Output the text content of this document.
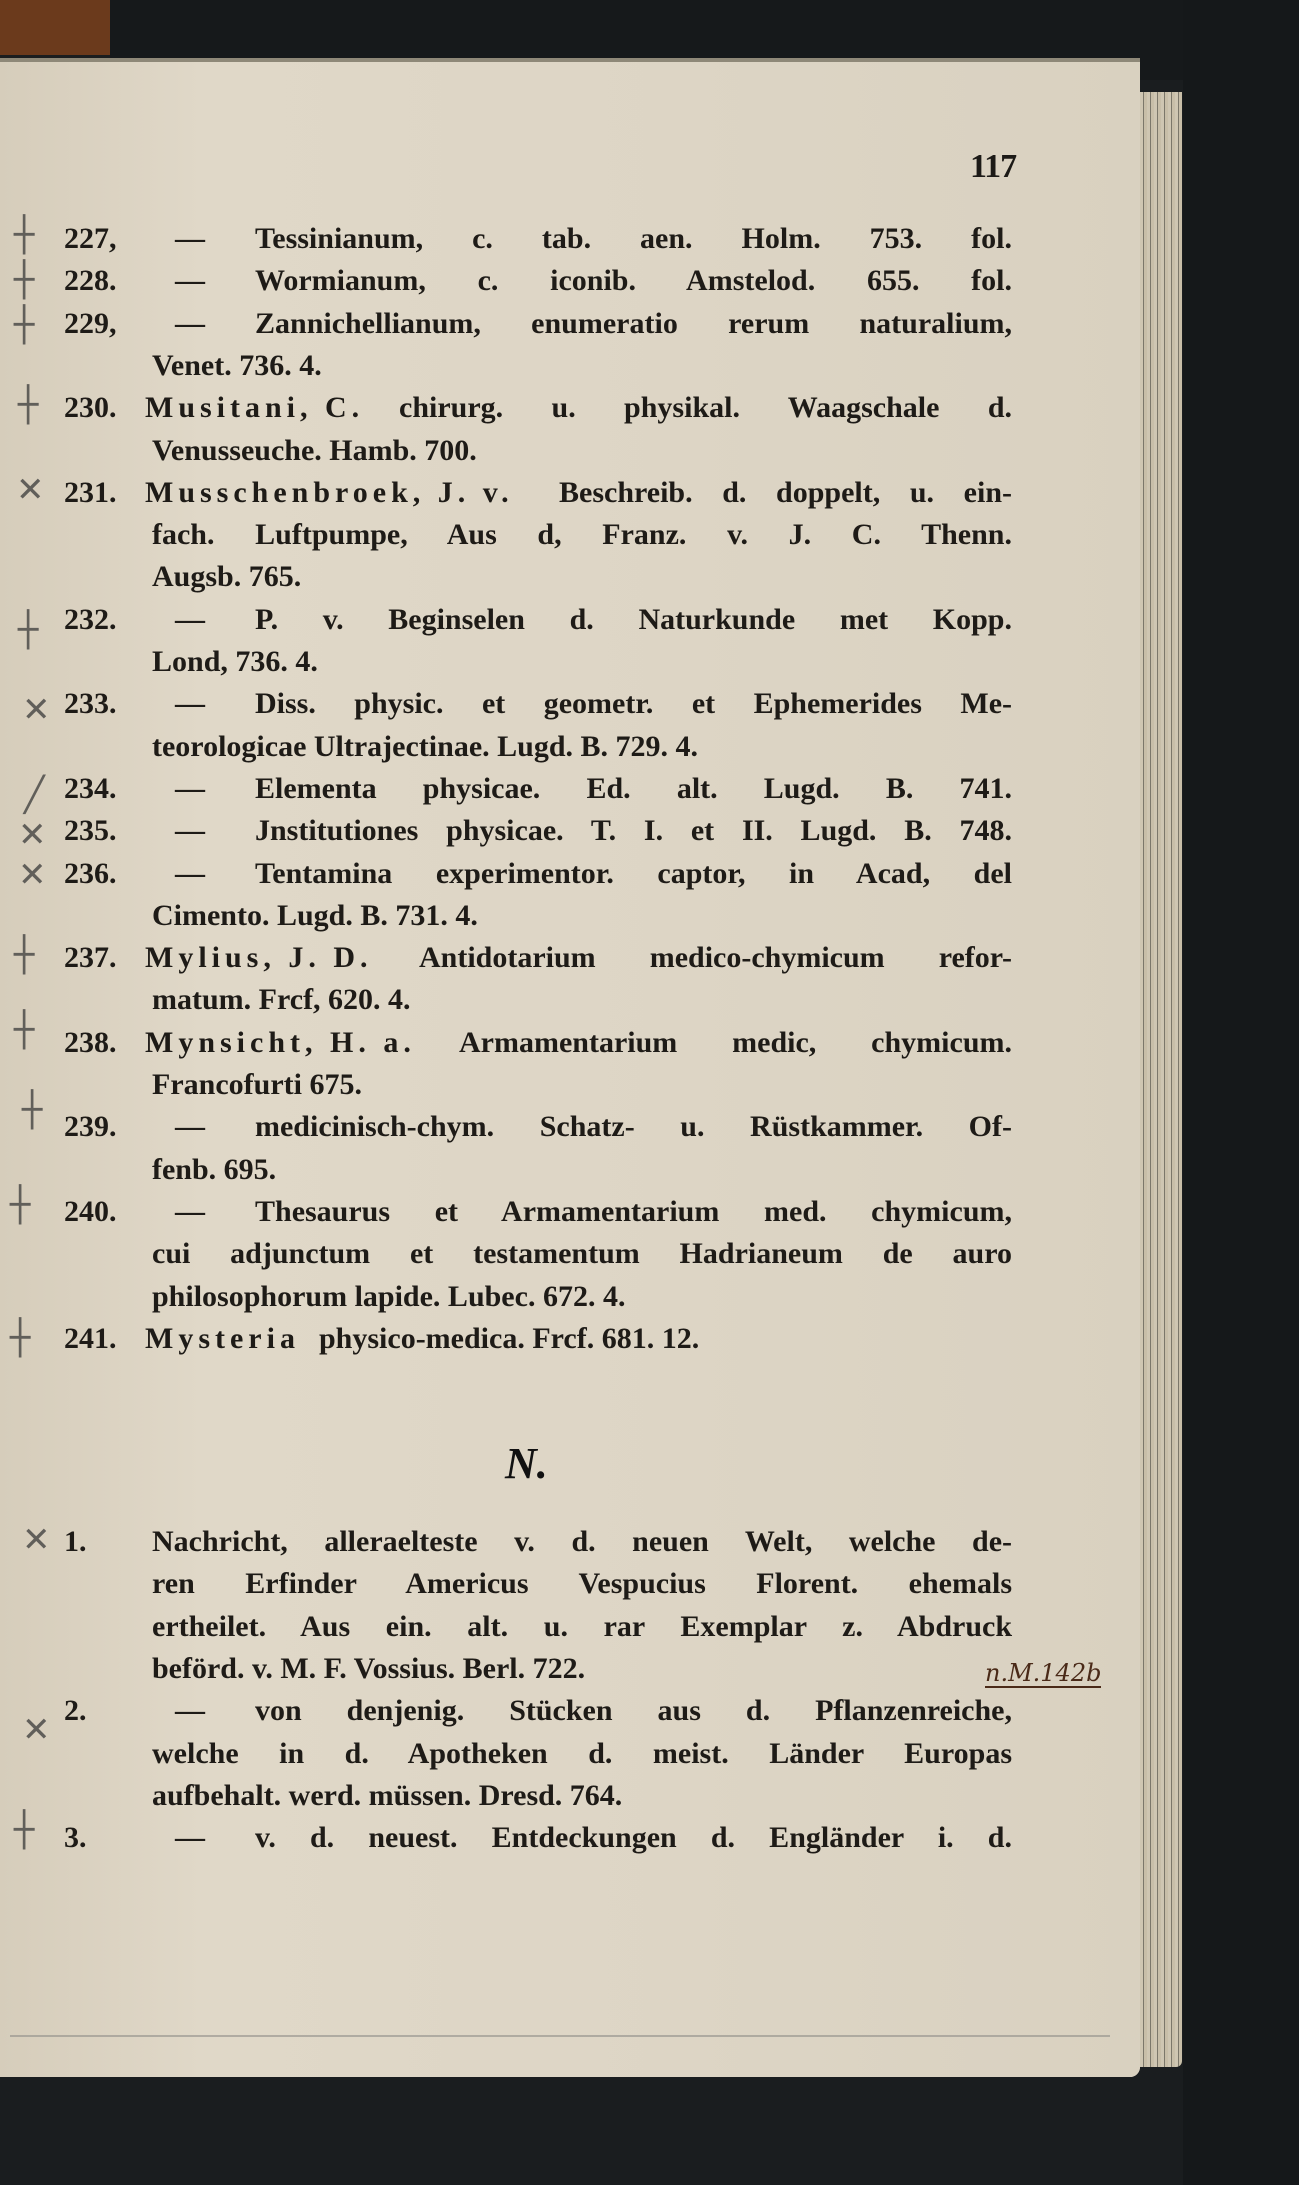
117
227, — Tessinianum, c. tab. aen. Holm. 753. fol.
228. — Wormianum, c. iconib. Amstelod. 655. fol.
229, — Zannichellianum, enumeratio rerum naturalium,
Venet. 736. 4.
230. Musitani, C. chirurg. u. physikal. Waagschale d.
Venusseuche. Hamb. 700.
231. Musschenbroek, J. v. Beschreib. d. doppelt, u. ein-
fach. Luftpumpe, Aus d, Franz. v. J. C. Thenn.
Augsb. 765.
232. — P. v. Beginselen d. Naturkunde met Kopp.
Lond, 736. 4.
233. — Diss. physic. et geometr. et Ephemerides Me-
teorologicae Ultrajectinae. Lugd. B. 729. 4.
234. — Elementa physicae. Ed. alt. Lugd. B. 741.
235. — Jnstitutiones physicae. T. I. et II. Lugd. B. 748.
236. — Tentamina experimentor. captor, in Acad, del
Cimento. Lugd. B. 731. 4.
237. Mylius, J. D. Antidotarium medico-chymicum refor-
matum. Frcf, 620. 4.
238. Mynsicht, H. a. Armamentarium medic, chymicum.
Francofurti 675.
239. — medicinisch-chym. Schatz- u. Rüstkammer. Of-
fenb. 695.
240. — Thesaurus et Armamentarium med. chymicum,
cui adjunctum et testamentum Hadrianeum de auro
philosophorum lapide. Lubec. 672. 4.
241. Mysteria physico-medica. Frcf. 681. 12.
1. Nachricht, alleraelteste v. d. neuen Welt, welche de-
ren Erfinder Americus Vespucius Florent. ehemals
ertheilet. Aus ein. alt. u. rar Exemplar z. Abdruck
beförd. v. M. F. Vossius. Berl. 722.
2.	— von denjenig. Stücken aus d. Pflanzenreiche,
welche in d. Apotheken d. meist. Länder Europas
aufbehalt. werd. müssen. Dresd. 764.
3.	— v. d. neuest. Entdeckungen d. Engländer i. d.
N.
n.M.142b
┼
┼
┼
┼
✕
┼
✕
╱
✕
✕
┼
┼
┼
┼
┼
✕
✕
┼
